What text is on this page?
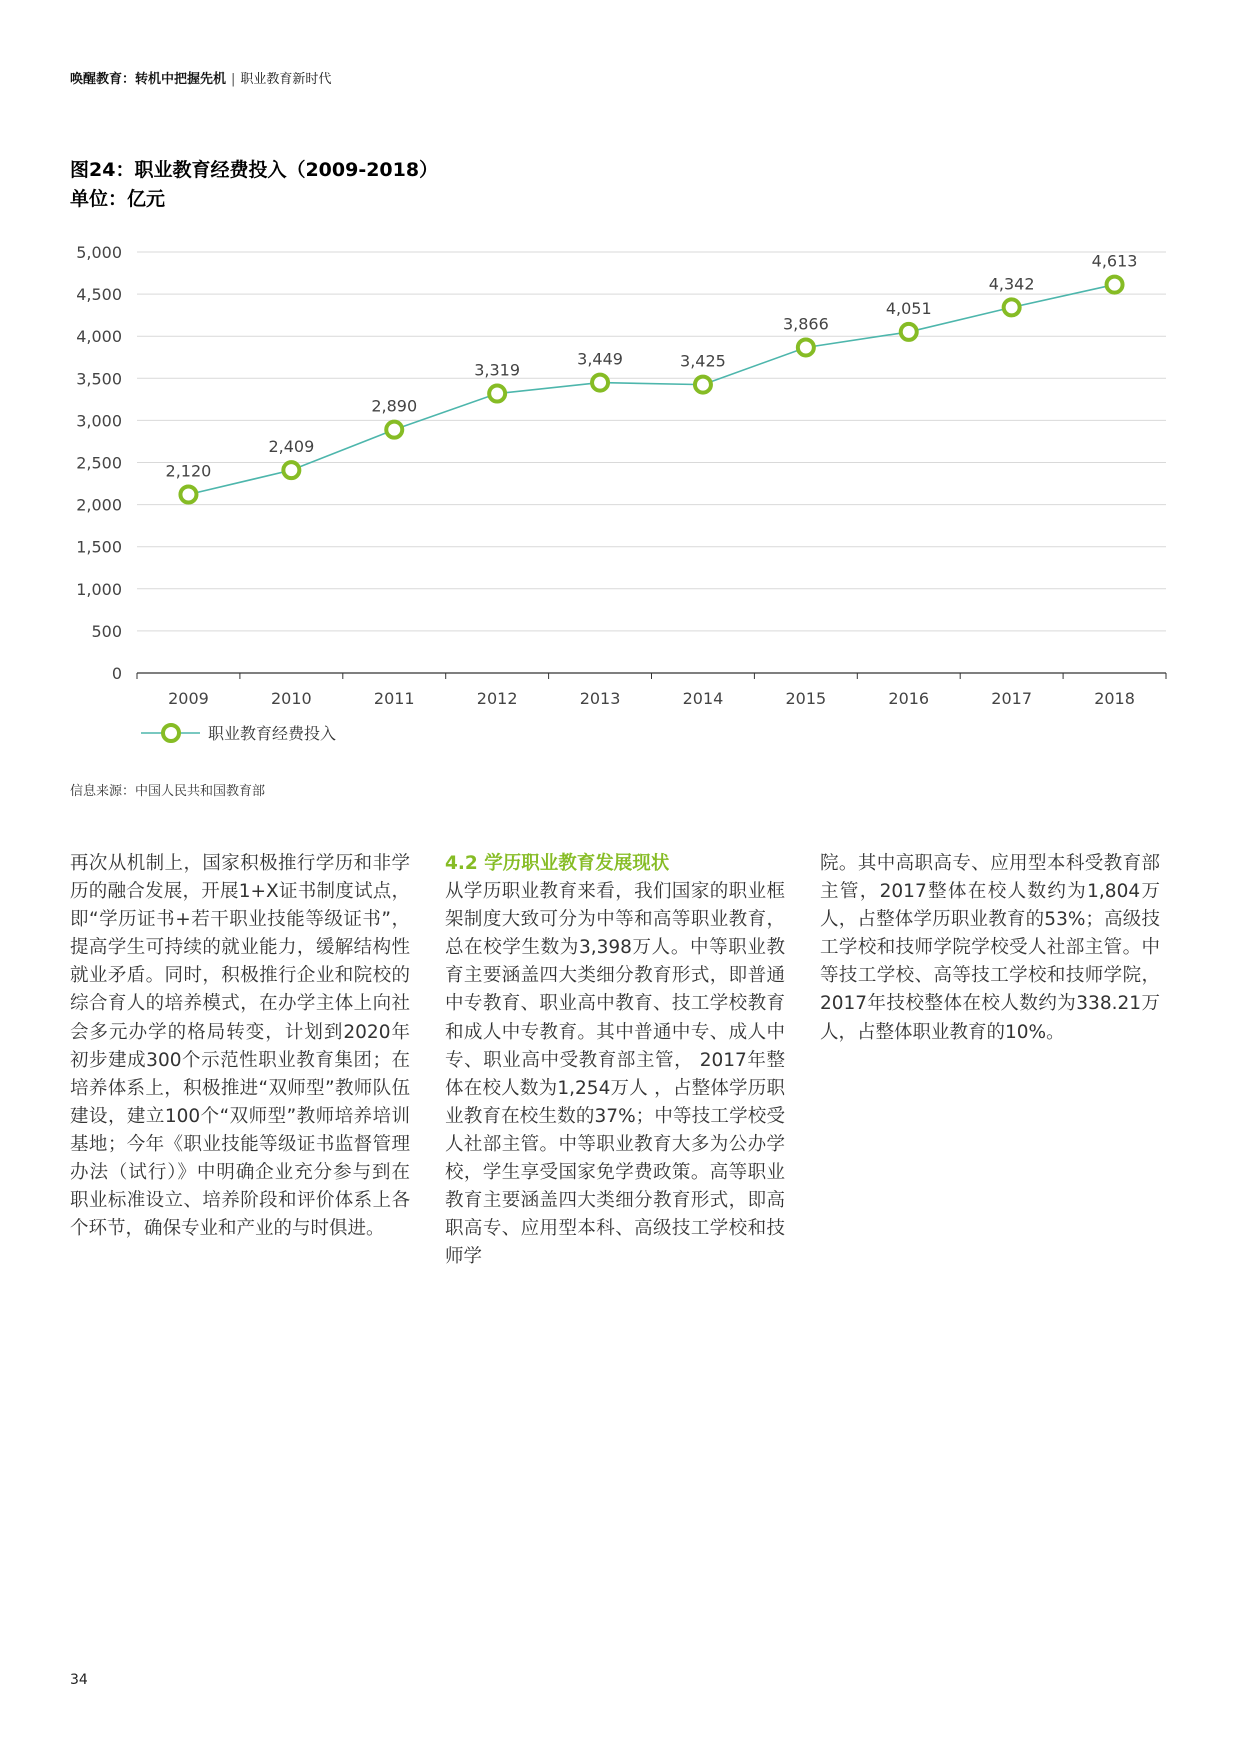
唤醒教育：转机中把握先机 | 职业教育新时代
图24：职业教育经费投入（2009-2018）
单位：亿元
0
500
1,000
1,500
2,000
2,500
3,000
3,500
4,000
4,500
5,000
2009	2010	2011	2012	2013	2014	2015	2016	2017	2018
2,120
2,409
2,890
3,319
3,449	3,425
3,866
4,051
4,342
4,613
职业教育经费投入
信息来源：中国人民共和国教育部

再次从机制上，国家积极推行学历和非学历的融合发展，开展1+X证书制度试点，即“学历证书+若干职业技能等级证书”，提高学生可持续的就业能力，缓解结构性就业矛盾。同时，积极推行企业和院校的综合育人的培养模式，在办学主体上向社会多元办学的格局转变，计划到2020年初步建成300个示范性职业教育集团；在培养体系上，积极推进“双师型”教师队伍建设，建立100个“双师型”教师培养培训基地；今年《职业技能等级证书监督管理办法（试行）》中明确企业充分参与到在职业标准设立、培养阶段和评价体系上各个环节，确保专业和产业的与时俱进。

4.2 学历职业教育发展现状

从学历职业教育来看，我们国家的职业框架制度大致可分为中等和高等职业教育，总在校学生数为3,398万人。中等职业教育主要涵盖四大类细分教育形式，即普通中专教育、职业高中教育、技工学校教育和成人中专教育。其中普通中专、成人中专、职业高中受教育部主管， 2017年整体在校人数为1,254万人 ，占整体学历职业教育在校生数的37%；中等技工学校受人社部主管。中等职业教育大多为公办学校，学生享受国家免学费政策。高等职业教育主要涵盖四大类细分教育形式，即高职高专、应用型本科、高级技工学校和技师学

院。其中高职高专、应用型本科受教育部主管，2017整体在校人数约为1,804万人，占整体学历职业教育的53%；高级技工学校和技师学院学校受人社部主管。中等技工学校、高等技工学校和技师学院，2017年技校整体在校人数约为338.21万人，占整体职业教育的10%。

34
